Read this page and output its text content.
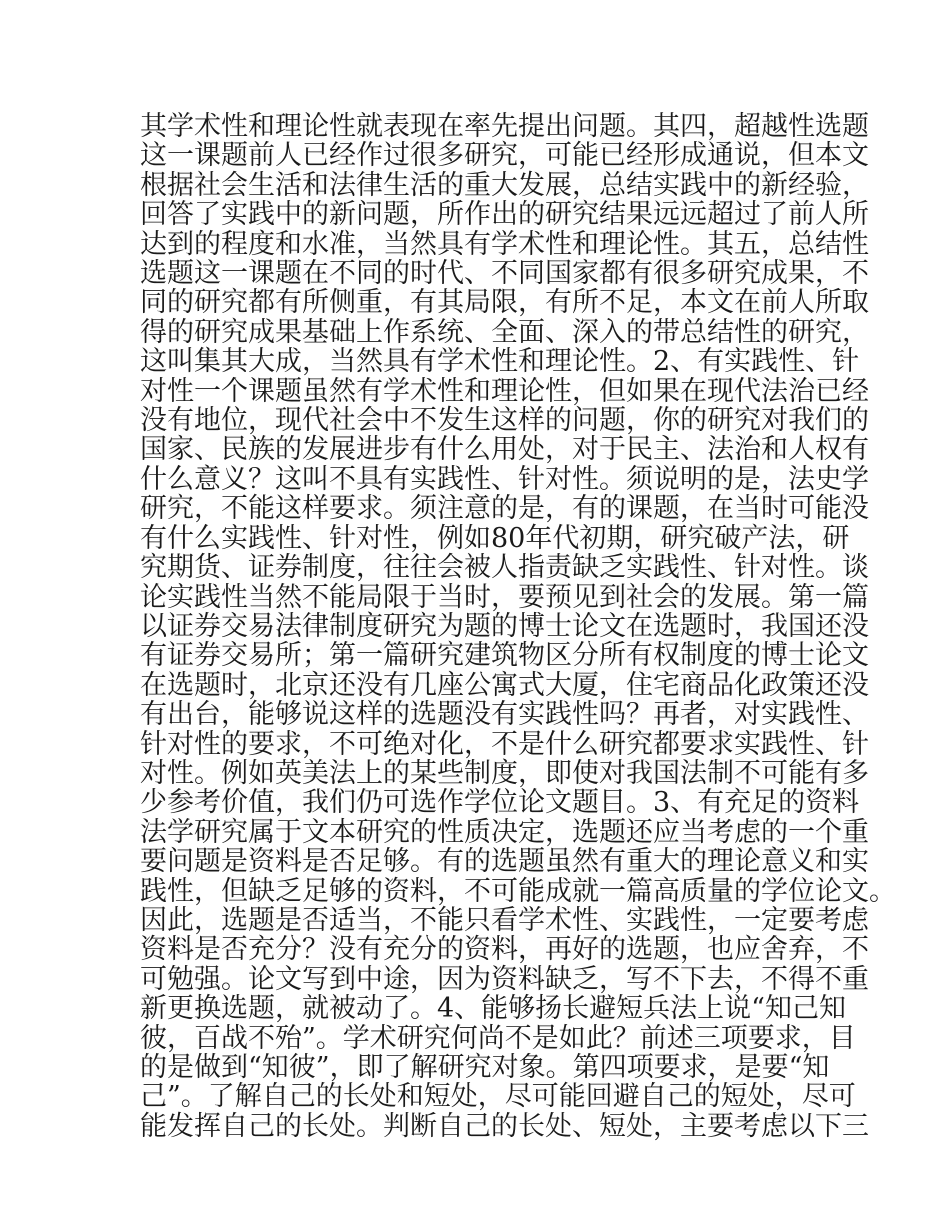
其学术性和理论性就表现在率先提出问题。其四，超越性选题
这一课题前人已经作过很多研究，可能已经形成通说，但本文
根据社会生活和法律生活的重大发展，总结实践中的新经验，
回答了实践中的新问题，所作出的研究结果远远超过了前人所
达到的程度和水准，当然具有学术性和理论性。其五，总结性
选题这一课题在不同的时代、不同国家都有很多研究成果，不
同的研究都有所侧重，有其局限，有所不足，本文在前人所取
得的研究成果基础上作系统、全面、深入的带总结性的研究，
这叫集其大成，当然具有学术性和理论性。2、有实践性、针
对性一个课题虽然有学术性和理论性，但如果在现代法治已经
没有地位，现代社会中不发生这样的问题，你的研究对我们的
国家、民族的发展进步有什么用处，对于民主、法治和人权有
什么意义？这叫不具有实践性、针对性。须说明的是，法史学
研究，不能这样要求。须注意的是，有的课题，在当时可能没
有什么实践性、针对性，例如80年代初期，研究破产法，研
究期货、证券制度，往往会被人指责缺乏实践性、针对性。谈
论实践性当然不能局限于当时，要预见到社会的发展。第一篇
以证券交易法律制度研究为题的博士论文在选题时，我国还没
有证券交易所；第一篇研究建筑物区分所有权制度的博士论文
在选题时，北京还没有几座公寓式大厦，住宅商品化政策还没
有出台，能够说这样的选题没有实践性吗？再者，对实践性、
针对性的要求，不可绝对化，不是什么研究都要求实践性、针
对性。例如英美法上的某些制度，即使对我国法制不可能有多
少参考价值，我们仍可选作学位论文题目。3、有充足的资料
法学研究属于文本研究的性质决定，选题还应当考虑的一个重
要问题是资料是否足够。有的选题虽然有重大的理论意义和实
践性，但缺乏足够的资料，不可能成就一篇高质量的学位论文。
因此，选题是否适当，不能只看学术性、实践性，一定要考虑
资料是否充分？没有充分的资料，再好的选题，也应舍弃，不
可勉强。论文写到中途，因为资料缺乏，写不下去，不得不重
新更换选题，就被动了。4、能够扬长避短兵法上说“知己知
彼，百战不殆”。学术研究何尚不是如此？前述三项要求，目
的是做到“知彼”，即了解研究对象。第四项要求，是要“知
己”。了解自己的长处和短处，尽可能回避自己的短处，尽可
能发挥自己的长处。判断自己的长处、短处，主要考虑以下三
